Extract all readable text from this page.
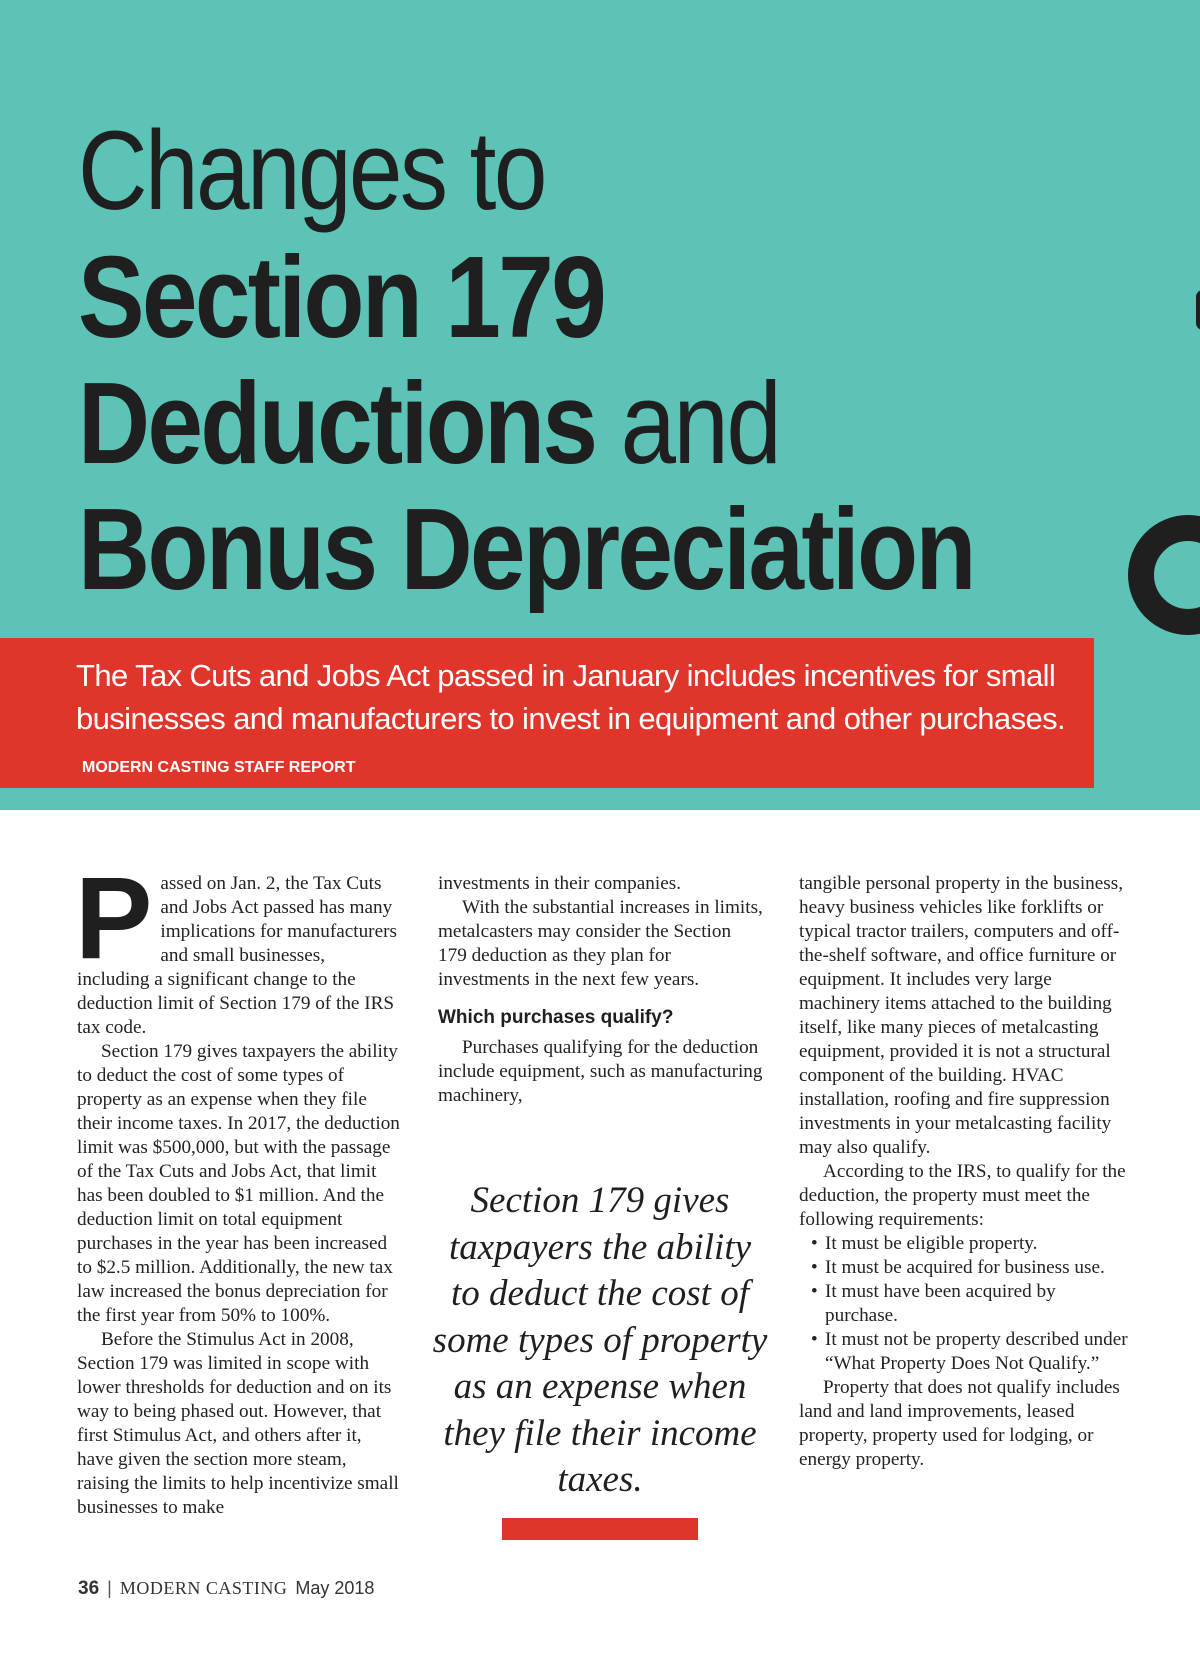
Changes to
Section 179
Deductions and
Bonus Depreciation

The Tax Cuts and Jobs Act passed in January includes incentives for small businesses and manufacturers to invest in equipment and other purchases. MODERN CASTING STAFF REPORT

P assed on Jan. 2, the Tax Cuts and Jobs Act passed has many implications for manufacturers and small businesses, including a significant change to the deduction limit of Section 179 of the IRS tax code.

Section 179 gives taxpayers the ability to deduct the cost of some types of property as an expense when they file their income taxes. In 2017, the deduction limit was $500,000, but with the passage of the Tax Cuts and Jobs Act, that limit has been doubled to $1 million. And the deduction limit on total equipment purchases in the year has been increased to $2.5 million. Additionally, the new tax law increased the bonus depreciation for the first year from 50% to 100%.

Before the Stimulus Act in 2008, Section 179 was limited in scope with lower thresholds for deduction and on its way to being phased out. However, that first Stimulus Act, and others after it, have given the section more steam, raising the limits to help incentivize small businesses to make

investments in their companies.

With the substantial increases in limits, metalcasters may consider the Section 179 deduction as they plan for investments in the next few years.

Which purchases qualify?

Purchases qualifying for the deduction include equipment, such as manufacturing machinery,

Section 179 gives taxpayers the ability to deduct the cost of some types of property as an expense when they file their income taxes.

tangible personal property in the business, heavy business vehicles like forklifts or typical tractor trailers, computers and off-the-shelf software, and office furniture or equipment. It includes very large machinery items attached to the building itself, like many pieces of metalcasting equipment, provided it is not a structural component of the building. HVAC installation, roofing and fire suppression investments in your metalcasting facility may also qualify.

According to the IRS, to qualify for the deduction, the property must meet the following requirements:

• It must be eligible property.
• It must be acquired for business use.
• It must have been acquired by purchase.
• It must not be property described under “What Property Does Not Qualify.”

Property that does not qualify includes land and land improvements, leased property, property used for lodging, or energy property.

36 | MODERN CASTING May 2018
